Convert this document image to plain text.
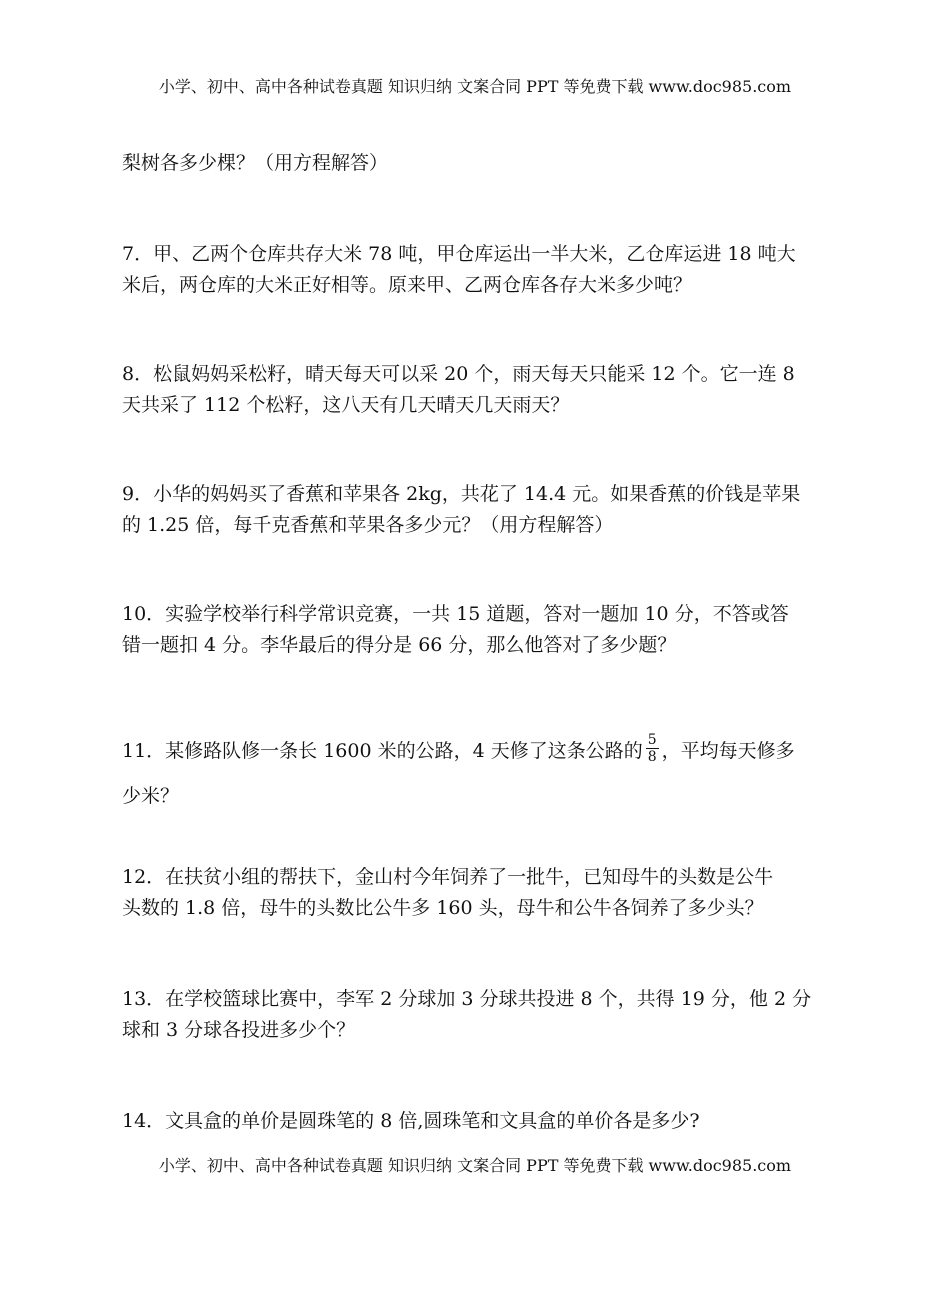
小学、初中、高中各种试卷真题 知识归纳 文案合同 PPT 等免费下载 www.doc985.com
梨树各多少棵？（用方程解答）
7．甲、乙两个仓库共存大米 78 吨，甲仓库运出一半大米，乙仓库运进 18 吨大
米后，两仓库的大米正好相等。原来甲、乙两仓库各存大米多少吨？
8．松鼠妈妈采松籽，晴天每天可以采 20 个，雨天每天只能采 12 个。它一连 8
天共采了 112 个松籽，这八天有几天晴天几天雨天？
9．小华的妈妈买了香蕉和苹果各 2kg，共花了 14.4 元。如果香蕉的价钱是苹果
的 1.25 倍，每千克香蕉和苹果各多少元？（用方程解答）
10．实验学校举行科学常识竞赛，一共 15 道题，答对一题加 10 分，不答或答
错一题扣 4 分。李华最后的得分是 66 分，那么他答对了多少题？
11．某修路队修一条长 1600 米的公路，4 天修了这条公路的 $\frac{5}{8}$ ，平均每天修多
少米？
12．在扶贫小组的帮扶下，金山村今年饲养了一批牛，已知母牛的头数是公牛
头数的 1.8 倍，母牛的头数比公牛多 160 头，母牛和公牛各饲养了多少头？
13．在学校篮球比赛中，李军 2 分球加 3 分球共投进 8 个，共得 19 分，他 2 分
球和 3 分球各投进多少个？
14．文具盒的单价是圆珠笔的 8 倍,圆珠笔和文具盒的单价各是多少?
小学、初中、高中各种试卷真题 知识归纳 文案合同 PPT 等免费下载 www.doc985.com
